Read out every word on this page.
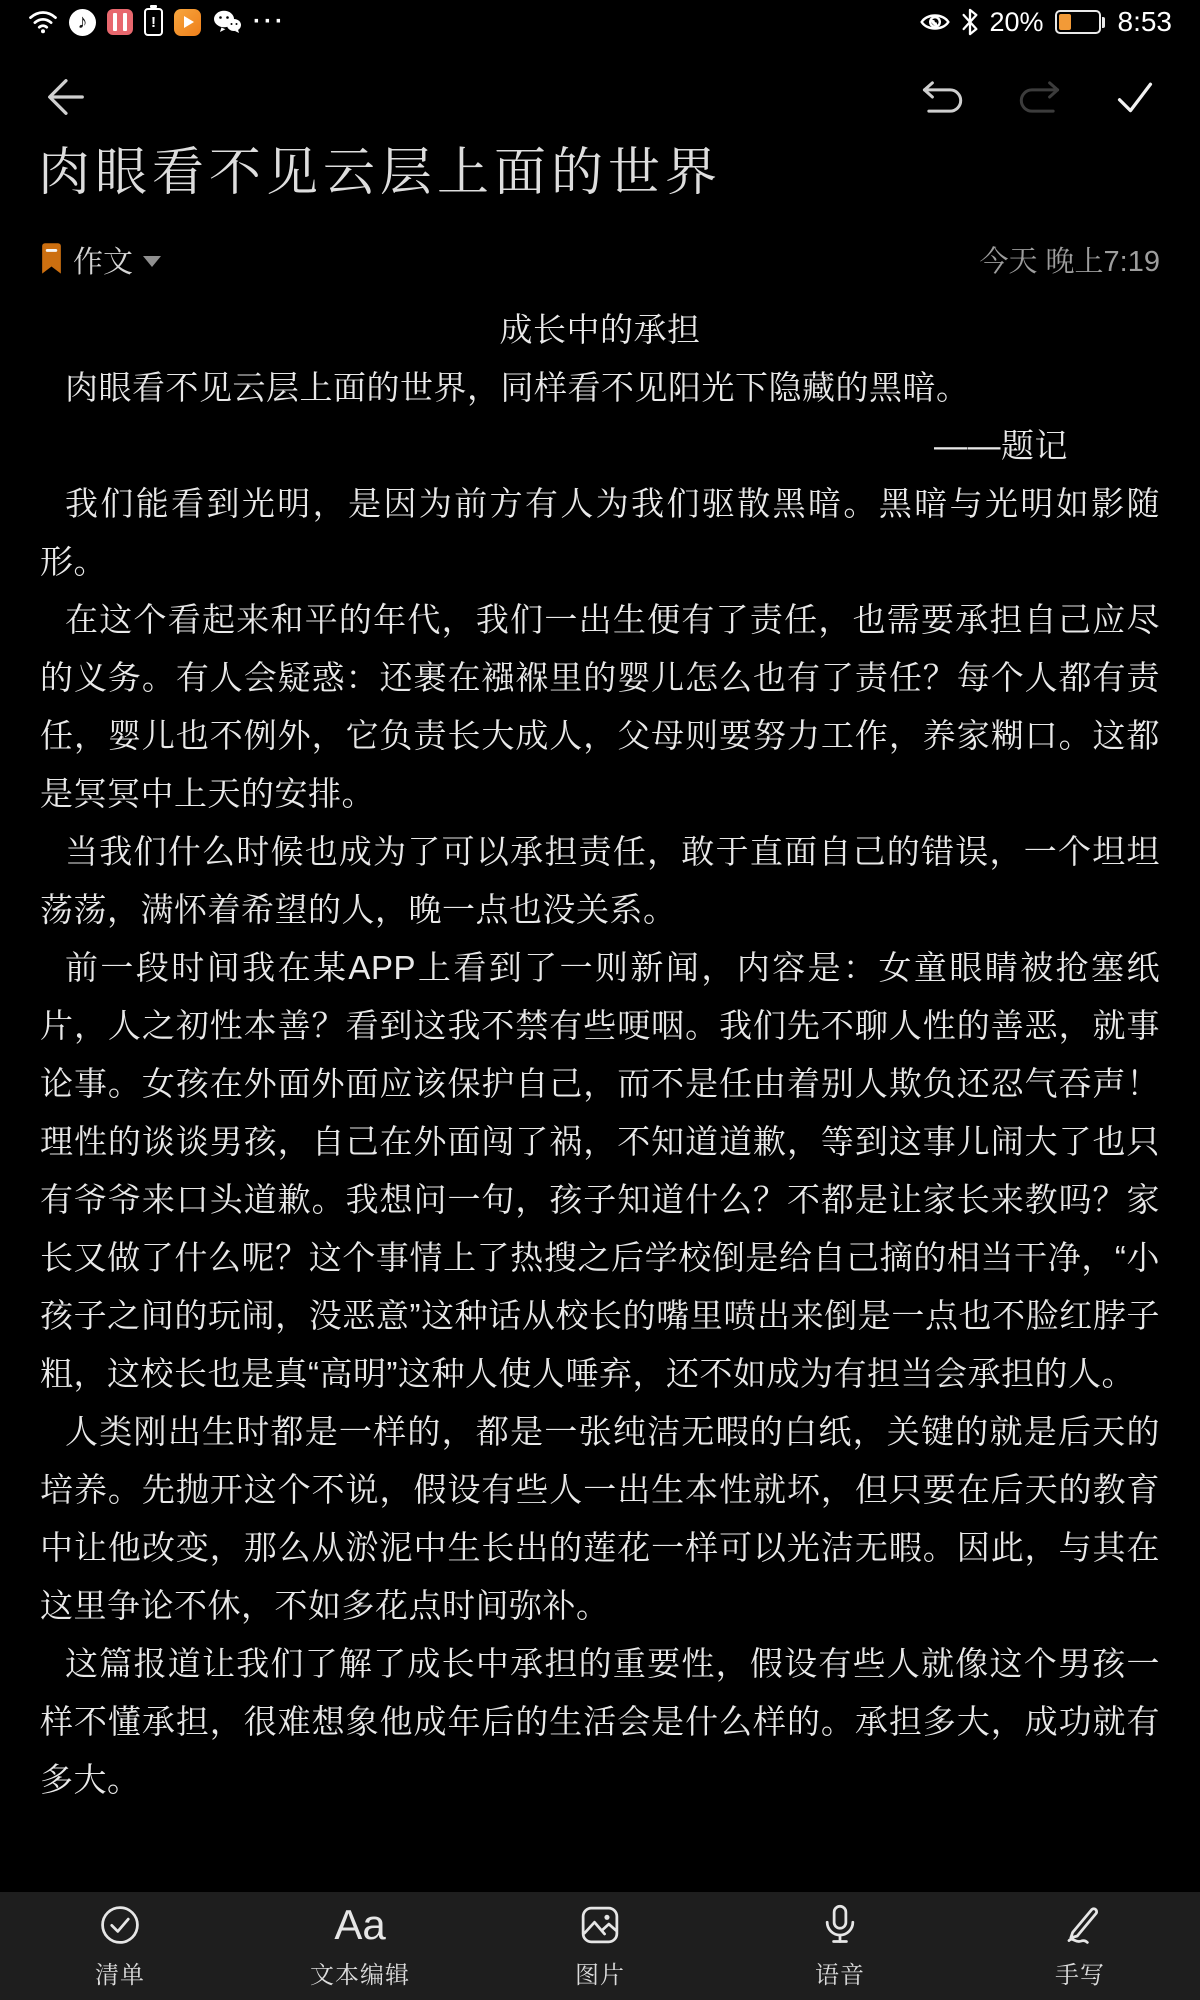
♪	!	···	20%	8:53
肉眼看不见云层上面的世界
作文	今天 晚上7:19

成长中的承担

肉眼看不见云层上面的世界，同样看不见阳光下隐藏的黑暗。

——题记

我们能看到光明，是因为前方有人为我们驱散黑暗。黑暗与光明如影随形。

在这个看起来和平的年代，我们一出生便有了责任，也需要承担自己应尽的义务。有人会疑惑：还裹在襁褓里的婴儿怎么也有了责任？每个人都有责任，婴儿也不例外，它负责长大成人，父母则要努力工作，养家糊口。这都是冥冥中上天的安排。

当我们什么时候也成为了可以承担责任，敢于直面自己的错误，一个坦坦荡荡，满怀着希望的人，晚一点也没关系。

前一段时间我在某APP上看到了一则新闻，内容是：女童眼睛被抢塞纸片，人之初性本善？看到这我不禁有些哽咽。我们先不聊人性的善恶，就事论事。女孩在外面外面应该保护自己，而不是任由着别人欺负还忍气吞声！理性的谈谈男孩，自己在外面闯了祸，不知道道歉，等到这事儿闹大了也只有爷爷来口头道歉。我想问一句，孩子知道什么？不都是让家长来教吗？家长又做了什么呢？这个事情上了热搜之后学校倒是给自己摘的相当干净，“小孩子之间的玩闹，没恶意”这种话从校长的嘴里喷出来倒是一点也不脸红脖子粗，这校长也是真“高明”这种人使人唾弃，还不如成为有担当会承担的人。

人类刚出生时都是一样的，都是一张纯洁无暇的白纸，关键的就是后天的培养。先抛开这个不说，假设有些人一出生本性就坏，但只要在后天的教育中让他改变，那么从淤泥中生长出的莲花一样可以光洁无暇。因此，与其在这里争论不休，不如多花点时间弥补。

这篇报道让我们了解了成长中承担的重要性，假设有些人就像这个男孩一样不懂承担，很难想象他成年后的生活会是什么样的。承担多大，成功就有多大。

清单
Aa
文本编辑	图片	语音	手写
